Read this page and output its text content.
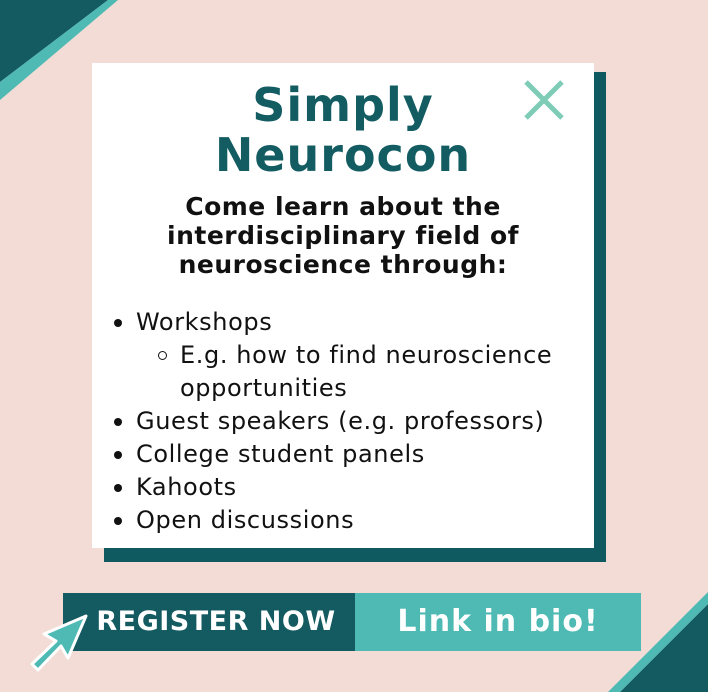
Simply
Neurocon
Come learn about the interdisciplinary field of neuroscience through:
Workshops
E.g. how to find neuroscience opportunities
Guest speakers (e.g. professors)
College student panels
Kahoots
Open discussions
REGISTER NOW	Link in bio!
